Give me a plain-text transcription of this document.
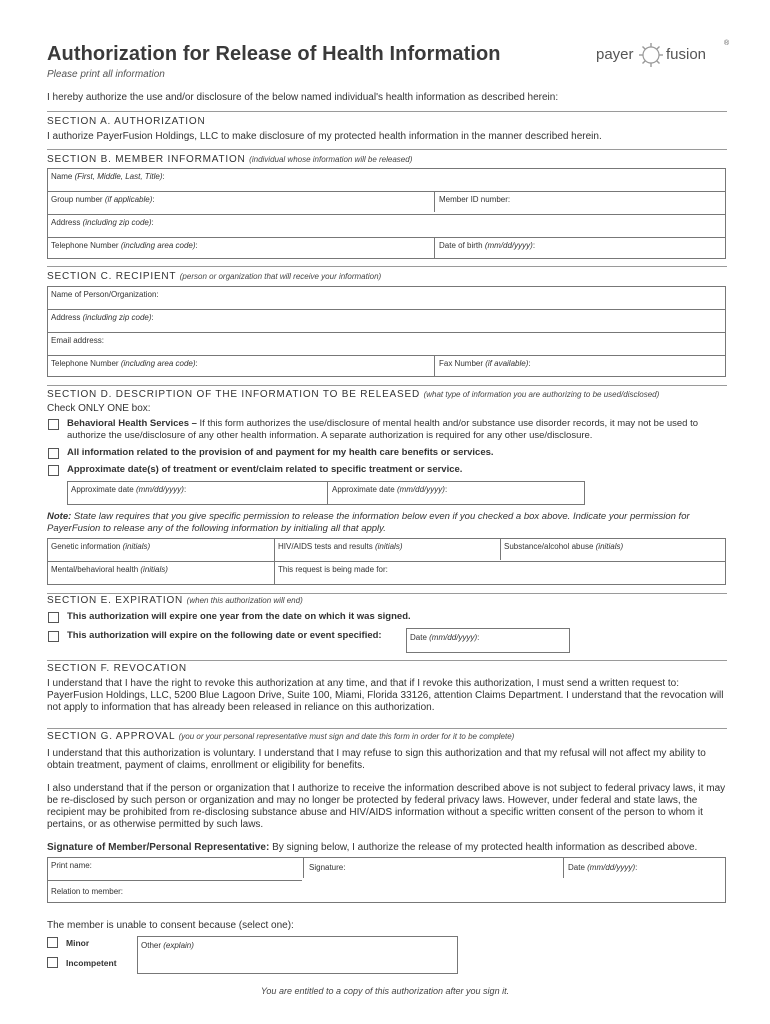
Authorization for Release of Health Information
Please print all information
I hereby authorize the use and/or disclosure of the below named individual's health information as described herein:
payer fusion
®
SECTION A. AUTHORIZATION
I authorize PayerFusion Holdings, LLC to make disclosure of my protected health information in the manner described herein.
SECTION B. MEMBER INFORMATION (individual whose information will be released)
Name (First, Middle, Last, Title):
Group number (if applicable):	Member ID number:
Address (including zip code):
Telephone Number (including area code):	Date of birth (mm/dd/yyyy):
SECTION C. RECIPIENT (person or organization that will receive your information)
Name of Person/Organization:
Address (including zip code):
Email address:
Telephone Number (including area code):	Fax Number (if available):
SECTION D. DESCRIPTION OF THE INFORMATION TO BE RELEASED (what type of information you are authorizing to be used/disclosed)
Check ONLY ONE box:
Behavioral Health Services – If this form authorizes the use/disclosure of mental health and/or substance use disorder records, it may not be used to authorize the use/disclosure of any other health information. A separate authorization is required for any other use/disclosure.
All information related to the provision of and payment for my health care benefits or services.
Approximate date(s) of treatment or event/claim related to specific treatment or service.
Approximate date (mm/dd/yyyy):	Approximate date (mm/dd/yyyy):
Note: State law requires that you give specific permission to release the information below even if you checked a box above. Indicate your permission for PayerFusion to release any of the following information by initialing all that apply.
Genetic information (initials)	HIV/AIDS tests and results (initials)	Substance/alcohol abuse (initials)
Mental/behavioral health (initials)	This request is being made for:
SECTION E. EXPIRATION (when this authorization will end)
This authorization will expire one year from the date on which it was signed.
This authorization will expire on the following date or event specified:	Date (mm/dd/yyyy):
SECTION F. REVOCATION
I understand that I have the right to revoke this authorization at any time, and that if I revoke this authorization, I must send a written request to: PayerFusion Holdings, LLC, 5200 Blue Lagoon Drive, Suite 100, Miami, Florida 33126, attention Claims Department. I understand that the revocation will not apply to information that has already been released in reliance on this authorization.
SECTION G. APPROVAL (you or your personal representative must sign and date this form in order for it to be complete)
I understand that this authorization is voluntary. I understand that I may refuse to sign this authorization and that my refusal will not affect my ability to obtain treatment, payment of claims, enrollment or eligibility for benefits.
I also understand that if the person or organization that I authorize to receive the information described above is not subject to federal privacy laws, it may be re-disclosed by such person or organization and may no longer be protected by federal privacy laws. However, under federal and state laws, the recipient may be prohibited from re-disclosing substance abuse and HIV/AIDS information without a specific written consent of the person to whom it pertains, or as otherwise permitted by such laws.
Signature of Member/Personal Representative: By signing below, I authorize the release of my protected health information as described above.
Print name:	Signature:	Date (mm/dd/yyyy):
Relation to member:
The member is unable to consent because (select one):
Minor
Incompetent
Other (explain)
You are entitled to a copy of this authorization after you sign it.
